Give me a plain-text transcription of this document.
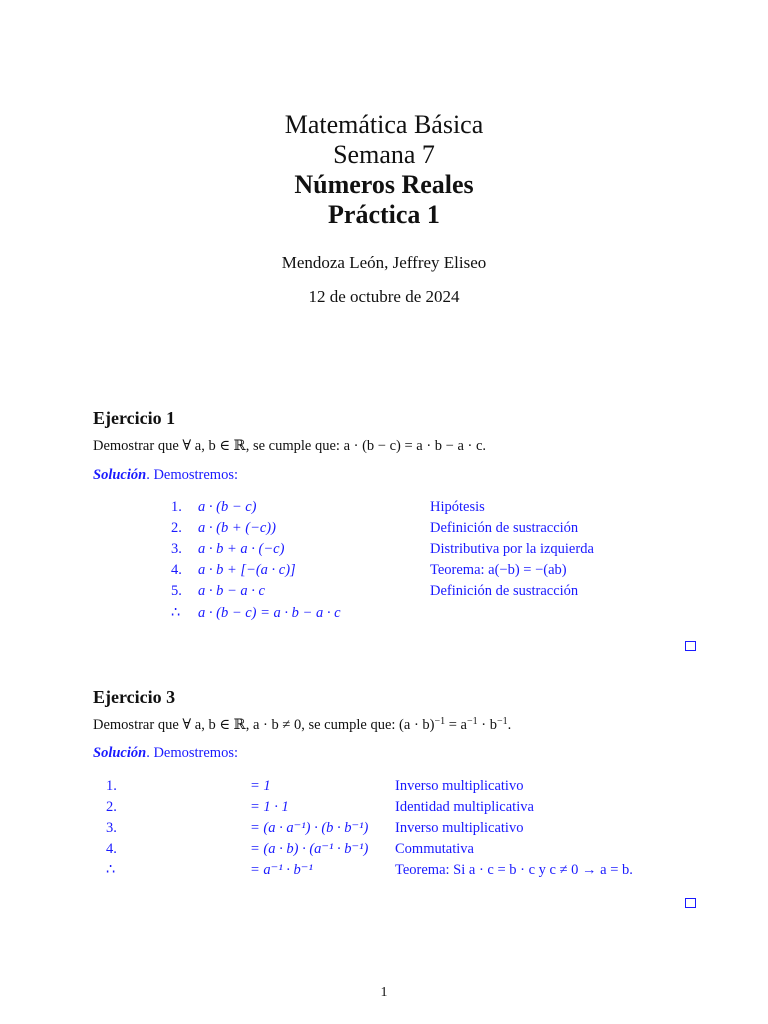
Matemática Básica
Semana 7
Números Reales
Práctica 1
Mendoza León, Jeffrey Eliseo
12 de octubre de 2024
Ejercicio 1
Demostrar que ∀ a, b ∈ ℝ, se cumple que: a · (b − c) = a · b − a · c.
Solución. Demostremos:
1. a · (b − c)	Hipótesis
2. a · (b + (−c))	Definición de sustracción
3. a · b + a · (−c)	Distributiva por la izquierda
4. a · b + [−(a · c)]	Teorema: a(−b) = −(ab)
5. a · b − a · c	Definición de sustracción
∴ a · (b − c) = a · b − a · c
Ejercicio 3
Demostrar que ∀ a, b ∈ ℝ, a · b ≠ 0, se cumple que: $(a \cdot b)^{-1} = a^{-1} \cdot b^{-1}$.
Solución. Demostremos:
1.	= 1	Inverso multiplicativo
2.	= 1 · 1	Identidad multiplicativa
3.	= (a · a⁻¹) · (b · b⁻¹) Inverso multiplicativo
4.	= (a · b) · (a⁻¹ · b⁻¹) Commutativa
∴	= a⁻¹ · b⁻¹	Teorema: Si a · c = b · c y c ≠ 0 → a = b.
1
